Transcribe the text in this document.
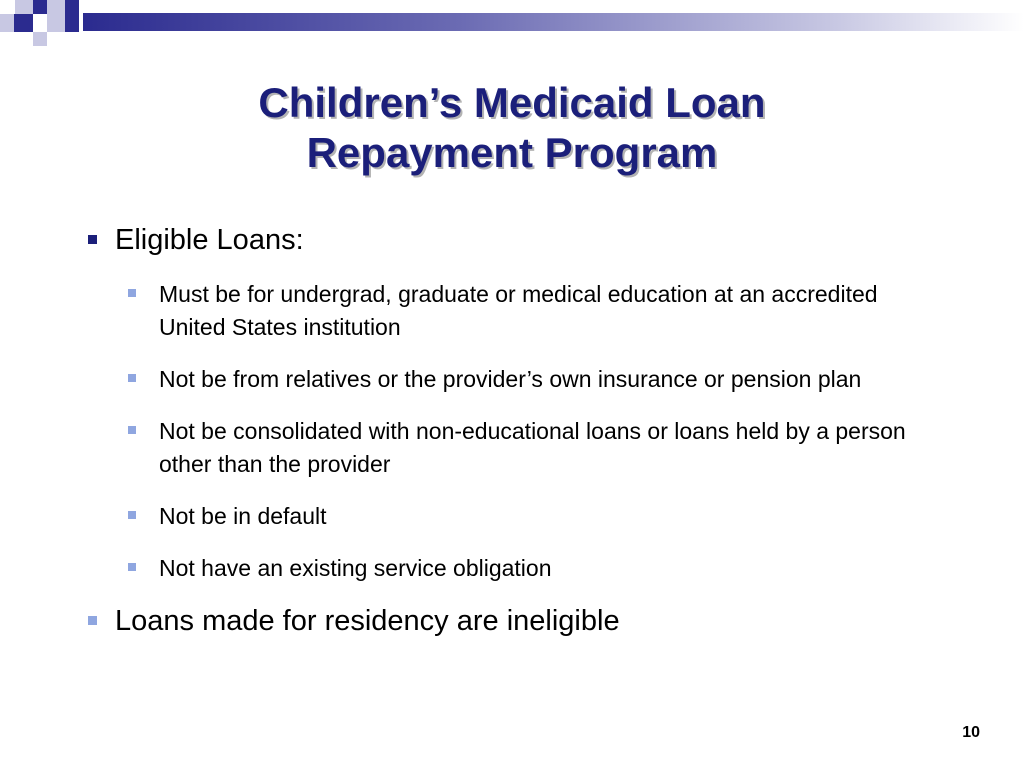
Children’s Medicaid Loan
Repayment Program
Eligible Loans:
Must be for undergrad, graduate or medical education at an accredited United States institution
Not be from relatives or the provider’s own insurance or pension plan
Not be consolidated with non-educational loans or loans held by a person other than the provider
Not be in default
Not have an existing service obligation
Loans made for residency are ineligible
10
